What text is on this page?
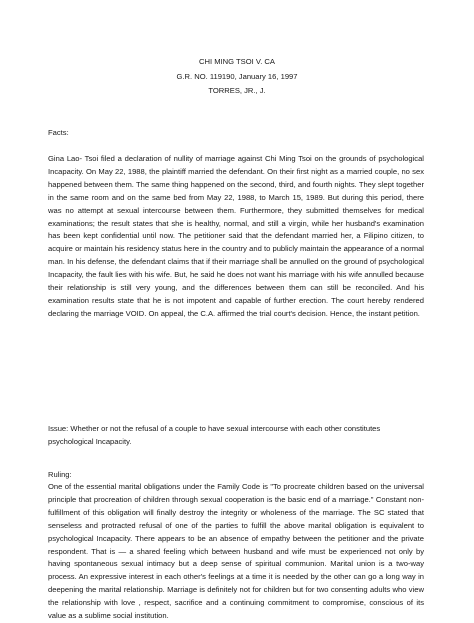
CHI MING TSOI V. CA
G.R. NO. 119190, January 16, 1997
TORRES, JR., J.

Facts:

Gina Lao- Tsoi filed a declaration of nullity of marriage against Chi Ming Tsoi on the grounds of psychological Incapacity. On May 22, 1988, the plaintiff married the defendant. On their first night as a married couple, no sex happened between them. The same thing happened on the second, third, and fourth nights. They slept together in the same room and on the same bed from May 22, 1988, to March 15, 1989. But during this period, there was no attempt at sexual intercourse between them. Furthermore, they submitted themselves for medical examinations; the result states that she is healthy, normal, and still a virgin, while her husband's examination has been kept confidential until now. The petitioner said that the defendant married her, a Filipino citizen, to acquire or maintain his residency status here in the country and to publicly maintain the appearance of a normal man. In his defense, the defendant claims that if their marriage shall be annulled on the ground of psychological Incapacity, the fault lies with his wife. But, he said he does not want his marriage with his wife annulled because their relationship is still very young, and the differences between them can still be reconciled. And his examination results state that he is not impotent and capable of further erection. The court hereby rendered declaring the marriage VOID. On appeal, the C.A. affirmed the trial court's decision. Hence, the instant petition.

Issue: Whether or not the refusal of a couple to have sexual intercourse with each other constitutes psychological Incapacity.

Ruling:

One of the essential marital obligations under the Family Code is "To procreate children based on the universal principle that procreation of children through sexual cooperation is the basic end of a marriage." Constant non-fulfillment of this obligation will finally destroy the integrity or wholeness of the marriage. The SC stated that senseless and protracted refusal of one of the parties to fulfill the above marital obligation is equivalent to psychological Incapacity. There appears to be an absence of empathy between the petitioner and the private respondent. That is — a shared feeling which between husband and wife must be experienced not only by having spontaneous sexual intimacy but a deep sense of spiritual communion. Marital union is a two-way process. An expressive interest in each other's feelings at a time it is needed by the other can go a long way in deepening the marital relationship. Marriage is definitely not for children but for two consenting adults who view the relationship with love , respect, sacrifice and a continuing commitment to compromise, conscious of its value as a sublime social institution.
